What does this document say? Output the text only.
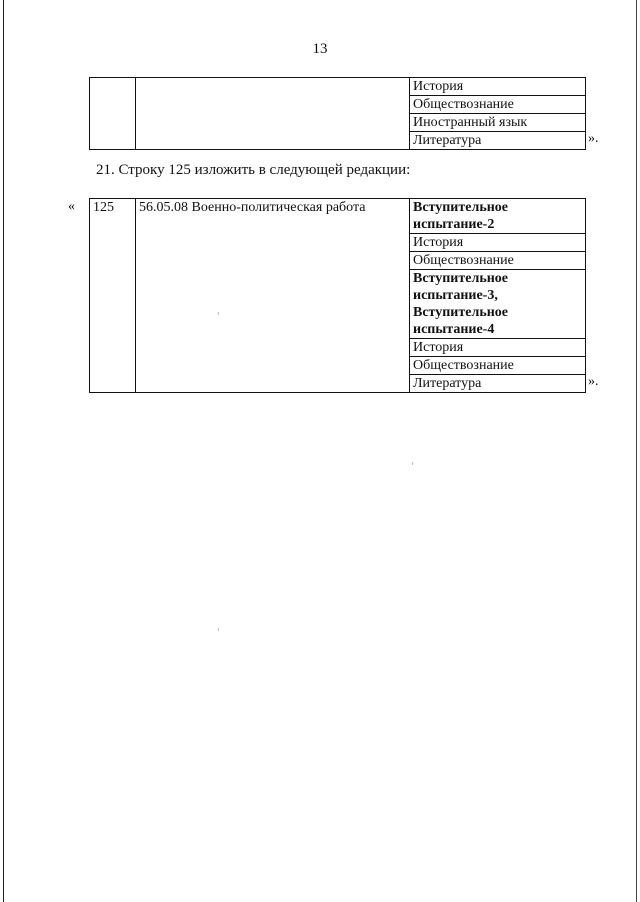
13
		История
Обществознание
Иностранный язык
Литература	».
21. Строку 125 изложить в следующей редакции:
« 125	56.05.08 Военно-политическая работа	Вступительное испытание-2
История
Обществознание
Вступительное испытание-3, Вступительное испытание-4
История
Обществознание
Литература	».
